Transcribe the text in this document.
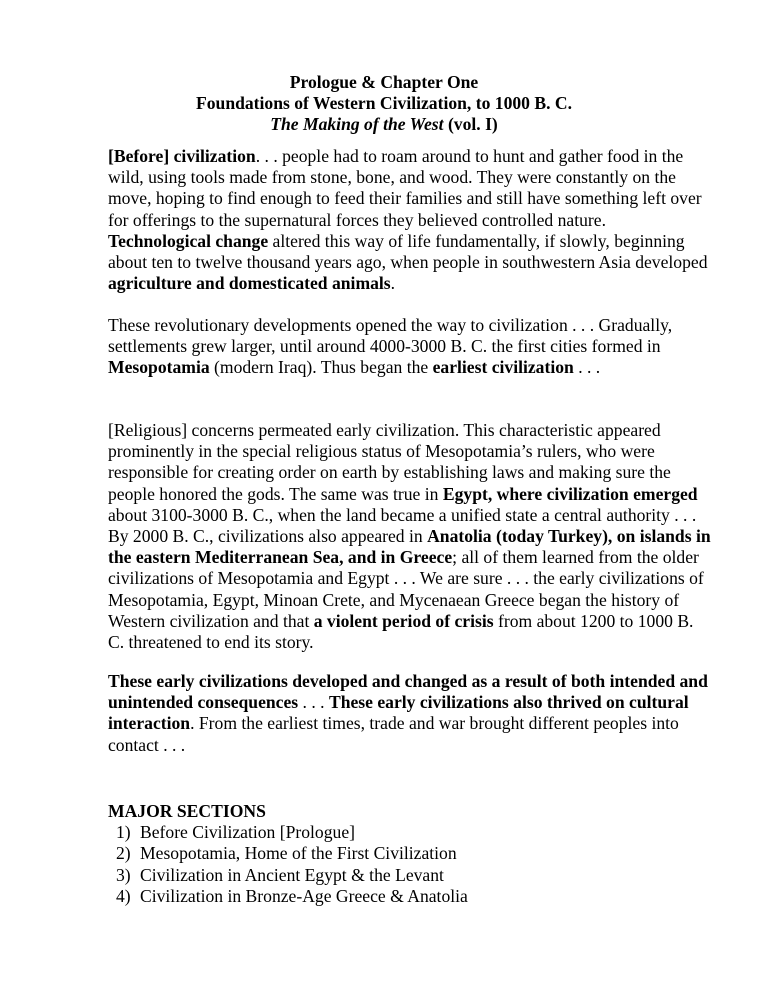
Prologue & Chapter One
Foundations of Western Civilization, to 1000 B. C.
The Making of the West (vol. I)
[Before] civilization. . . people had to roam around to hunt and gather food in the
wild, using tools made from stone, bone, and wood. They were constantly on the
move, hoping to find enough to feed their families and still have something left over
for offerings to the supernatural forces they believed controlled nature.
Technological change altered this way of life fundamentally, if slowly, beginning
about ten to twelve thousand years ago, when people in southwestern Asia developed
agriculture and domesticated animals.
These revolutionary developments opened the way to civilization . . . Gradually,
settlements grew larger, until around 4000-3000 B. C. the first cities formed in
Mesopotamia (modern Iraq). Thus began the earliest civilization . . .
[Religious] concerns permeated early civilization. This characteristic appeared
prominently in the special religious status of Mesopotamia’s rulers, who were
responsible for creating order on earth by establishing laws and making sure the
people honored the gods. The same was true in Egypt, where civilization emerged
about 3100-3000 B. C., when the land became a unified state a central authority . . .
By 2000 B. C., civilizations also appeared in Anatolia (today Turkey), on islands in
the eastern Mediterranean Sea, and in Greece; all of them learned from the older
civilizations of Mesopotamia and Egypt . . . We are sure . . . the early civilizations of
Mesopotamia, Egypt, Minoan Crete, and Mycenaean Greece began the history of
Western civilization and that a violent period of crisis from about 1200 to 1000 B.
C. threatened to end its story.
These early civilizations developed and changed as a result of both intended and
unintended consequences . . . These early civilizations also thrived on cultural
interaction. From the earliest times, trade and war brought different peoples into
contact . . .
MAJOR SECTIONS
1) Before Civilization [Prologue]
2) Mesopotamia, Home of the First Civilization
3) Civilization in Ancient Egypt & the Levant
4) Civilization in Bronze-Age Greece & Anatolia
